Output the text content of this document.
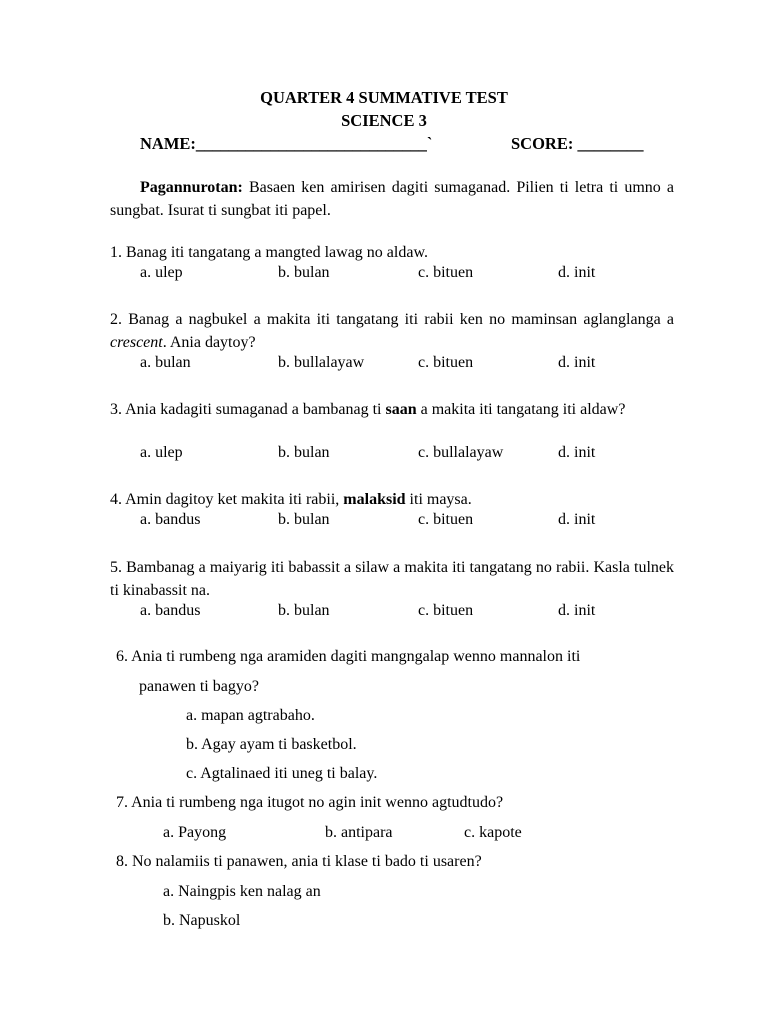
QUARTER 4 SUMMATIVE TEST
SCIENCE 3
NAME:____________________________`	SCORE: ________
Pagannurotan: Basaen ken amirisen dagiti sumaganad. Pilien ti letra ti umno a sungbat. Isurat ti sungbat iti papel.
1. Banag iti tangatang a mangted lawag no aldaw.
a. ulep	b. bulan	c. bituen	d. init
2. Banag a nagbukel a makita iti tangatang iti rabii ken no maminsan aglanglanga a crescent. Ania daytoy?
a. bulan	b. bullalayaw	c. bituen	d. init
3. Ania kadagiti sumaganad a bambanag ti saan a makita iti tangatang iti aldaw?
a. ulep	b. bulan	c. bullalayaw	d. init
4. Amin dagitoy ket makita iti rabii, malaksid iti maysa.
a. bandus	b. bulan	c. bituen	d. init
5. Bambanag a maiyarig iti babassit a silaw a makita iti tangatang no rabii. Kasla tulnek ti kinabassit na.
a. bandus	b. bulan	c. bituen	d. init
6. Ania ti rumbeng nga aramiden dagiti mangngalap wenno mannalon iti
panawen ti bagyo?
a. mapan agtrabaho.
b. Agay ayam ti basketbol.
c. Agtalinaed iti uneg ti balay.
7. Ania ti rumbeng nga itugot no agin init wenno agtudtudo?
a. Payong	b. antipara	c. kapote
8. No nalamiis ti panawen, ania ti klase ti bado ti usaren?
a. Naingpis ken nalag an
b. Napuskol
